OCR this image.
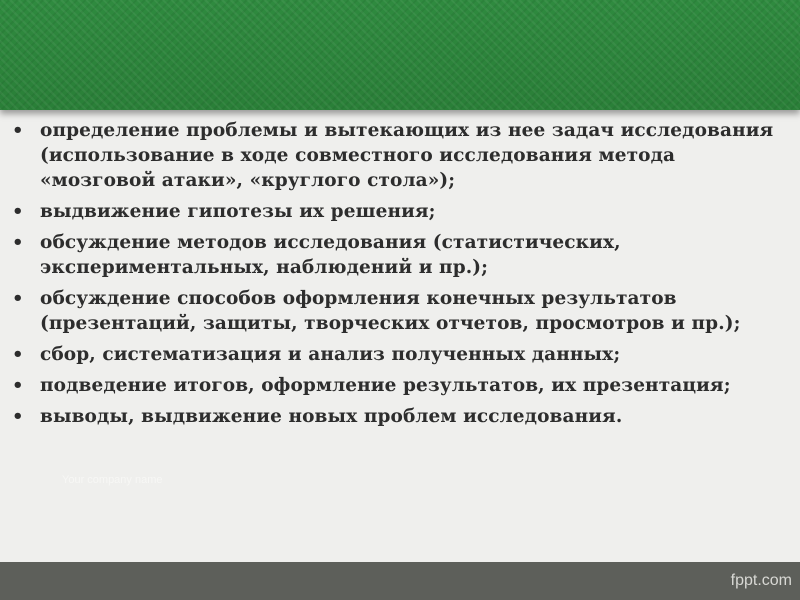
• определение проблемы и вытекающих из нее задач исследования (использование в ходе совместного исследования метода «мозговой атаки», «круглого стола»);
• выдвижение гипотезы их решения;
• обсуждение методов исследования (статистических, экспериментальных, наблюдений и пр.);
• обсуждение способов оформления конечных результатов (презентаций, защиты, творческих отчетов, просмотров и пр.);
• сбор, систематизация и анализ полученных данных;
• подведение итогов, оформление результатов, их презентация;
• выводы, выдвижение новых проблем исследования.
Your company name
fppt.com
